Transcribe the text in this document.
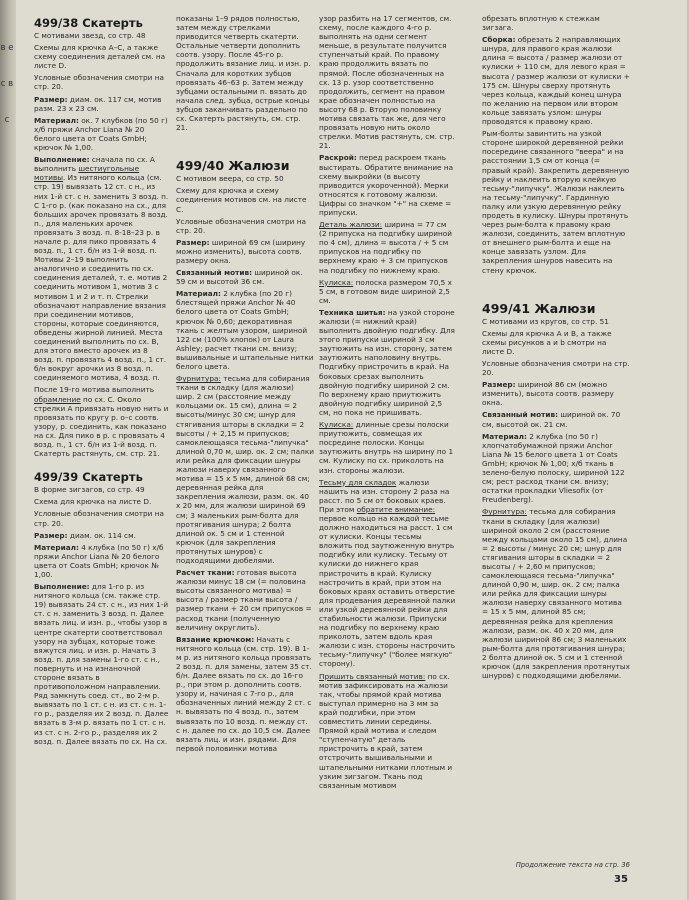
в е с в с
499/38 Скатерть

С мотивами звезд, со стр. 48

Схемы для крючка А–С, а также схему соединения деталей см. на листе D.

Условные обозначения смотри на стр. 20.

Размер: диам. ок. 117 см, мотив разм. 23 x 23 см.

Материал: ок. 7 клубков (по 50 г) x/б пряжи Anchor Liana № 20 белого цвета от Coats GmbH; крючок № 1,00.

Выполнение: сначала по сх. А выполнить шестиугольные мотивы. Из нитяного кольца (см. стр. 19) вывязать 12 ст. с н., из них 1-й ст. с н. заменить 3 возд. п. С 1-го р. (как показано на сх., для больших арочек провязать 8 возд. п., для маленьких арочек провязать 3 возд. п. 8-18–23 р. в начале р. для пико провязать 4 возд. п., 1 ст. б/н из 1-й возд. п. Мотивы 2–19 выполнить аналогично и соединить по сх. соединения деталей, т. е. мотив 2 соединить мотивом 1, мотив 3 с мотивом 1 и 2 и т. п. Стрелки обозначают направление вязания при соединении мотивов, стороны, которые соединяются, обведены жирной линией. Места соединений выполнить по сх. В, для этого вместо арочек из 8 возд. п. провязать 4 возд. п., 1 ст. б/н вокруг арочки из 8 возд. п. соединяемого мотива, 4 возд. п.

После 19-го мотива выполнить обрамление по сх. С. Около стрелки А привязать новую нить и провязать по кругу р. о–с соотв. узору, р. соединить, как показано на сх. Для пико в р. с провязать 4 возд. п., 1 ст. б/н из 1-й возд. п. Скатерть растянуть, см. стр. 21.

499/39 Скатерть

В форме зигзагов, со стр. 49

Схема для крючка на листе D.

Условные обозначения смотри на стр. 20.

Размер: диам. ок. 114 см.

Материал: 4 клубка (по 50 г) x/б пряжи Anchor Liana № 20 белого цвета от Coats GmbH; крючок № 1,00.

Выполнение: для 1-го р. из нитяного кольца (см. также стр. 19) вывязать 24 ст. с н., из них 1-й ст. с н. заменить 3 возд. п. Далее вязать лиц. и изн. р., чтобы узор в центре скатерти соответствовал узору на зубцах, которые тоже вяжутся лиц. и изн. р. Начать 3 возд. п. для замены 1-го ст. с н., повернуть и на изнаночной стороне вязать в противоположном направлении. Ряд замкнуть соед. ст., во 2-м р. вывязать по 1 ст. с н. из ст. с н. 1-го р., разделяя их 2 возд. п. Далее вязать в 3-м р. вязать по 1 ст. с н. из ст. с н. 2-го р., разделяя их 2 возд. п. Далее вязать по сх. На сх.

показаны 1–9 рядов полностью, затем между стрелками приводится четверть скатерти. Остальные четверти дополнить соотв. узору. После 45-го р. продолжить вязание лиц. и изн. р. Сначала для коротких зубцов провязать 46–63 р. Затем между зубцами остальными п. вязать до начала след. зубца, острые концы зубцов заканчивать раздельно по сх. Скатерть растянуть, см. стр. 21.

499/40 Жалюзи

С мотивом веера, со стр. 50

Схему для крючка и схему соединения мотивов см. на листе С.

Условные обозначения смотри на стр. 20.

Размер: шириной 69 см (ширину можно изменить), высота соотв. размеру окна.

Связанный мотив: шириной ок. 59 см и высотой 36 см.

Материал: 2 клубка (по 20 г) блестящей пряжи Anchor № 40 белого цвета от Coats GmbH; крючок № 0,60; декоративная ткань с желтым узором, шириной 122 см (100% хлопок) от Laura Ashley; расчет ткани см. внизу; вышивальные и штапельные нитки белого цвета.

Фурнитура: тесьма для собирания ткани в складку (для жалюзи) шир. 2 см (расстояние между кольцами ок. 15 см), длина = 2 высоты/минус 30 см; шнур для стягивания шторы в складки = 2 высоты / + 2,15 м припусков; самоклеющаяся тесьма-"липучка" длиной 0,70 м, шир. ок. 2 см; палки или рейка для фиксации шнуры жалюзи наверху связанного мотива = 15 x 5 мм, длиной 68 см; деревянная рейка для закрепления жалюзи, разм. ок. 40 x 20 мм, для жалюзи шириной 69 см; 3 маленьких рым-болта для протягивания шнура; 2 болта длиной ок. 5 см и 1 стенной крючок (для закрепления протянутых шнуров) с подходящими дюбелями.

Расчет ткани: готовая высота жалюзи минус 18 см (= половина высоты связанного мотива) = высота / размер ткани высота / размер ткани + 20 см припусков = расход ткани (полученную величину округлить).

Вязание крючком: Начать с нитяного кольца (см. стр. 19). В 1-м р. из нитяного кольца провязать 2 возд. п. для замены, затем 35 ст. б/н. Далее вязать по сх. до 16-го р., при этом р. дополнить соотв. узору и, начиная с 7-го р., для обозначенных линий между 2 ст. с н. вывязать по 4 возд. п., затем вывязать по 10 возд. п. между ст. с н. далее по сх. до 10,5 см. Далее вязать лиц. и изн. рядами. Для первой половинки мотива

узор разбить на 17 сегментов, см. схему, после каждого 4-го р. выполнять на одни сегмент меньше, в результате получится ступенчатый край. По правому краю продолжить вязать по прямой. После обозначенных на сх. 13 р. узор соответственно продолжить, сегмент на правом крае обозначен полностью на высоту 68 р. Вторую половинку мотива связать так же, для чего провязать новую нить около стрелки. Мотив растянуть, см. стр. 21.

Раскрой: перед раскроем ткань выстирать. Обратите внимание на схему выкройки (в высоту приводится укороченной). Мерки относятся к готовому жалюзи. Цифры со значком "+" на схеме = припуски.

Деталь жалюзи: ширина = 77 см (2 припуска на подгибку шириной по 4 см), длина = высота / + 5 см припусков на подгибку по верхнему краю + 3 см припусков на подгибку по нижнему краю.

Кулиска: полоска размером 70,5 x 5 см, в готовом виде шириной 2,5 см.

Техника шитья: на узкой стороне жалюзи (= нижний край) выполнить двойную подгибку. Для этого припуски шириной 3 см заутюжить на изн. сторону, затем заутюжить наполовину внутрь. Подгибку пристрочить в край. На боковых срезах выполнить двойную подгибку шириной 2 см. По верхнему краю приутюжить двойную подгибку шириной 2,5 см, но пока не пришивать.

Кулиска: длинные срезы полоски приутюжить, совмещая их посредине полоски. Концы заутюжить внутрь на ширину по 1 см. Кулиску по сх. приколоть на изн. стороны жалюзи.

Тесьму для складок жалюзи нашить на изн. сторону 2 раза на расст. по 5 см от боковых краев. При этом обратите внимание: первое кольцо на каждой тесьме должно находиться на расст. 1 см от кулиски. Концы тесьмы вложить под заутюженную внутрь подгибку или кулиску. Тесьму от кулиски до нижнего края пристрочить в край. Кулиску настрочить в край, при этом на боковых краях оставить отверстие для продевания деревянной палки или узкой деревянной рейки для стабильности жалюзи. Припуски на подгибку по верхнему краю приколоть, затем вдоль края жалюзи с изн. стороны настрочить тесьму-"липучку" ("более мягкую" сторону).

Пришить связанный мотив: по сх. мотив зафиксировать на жалюзи так, чтобы прямой край мотива выступал примерно на 3 мм за край подгибки, при этом совместить линии середины. Прямой край мотива и следом "ступенчатую" деталь пристрочить в край, затем отстрочить вышивальными и штапельными нитками плотным и узким зигзагом. Ткань под связанным мотивом

обрезать вплотную к стежкам зигзага.

Сборка: обрезать 2 направляющих шнура, для правого края жалюзи длина = высота / размер жалюзи от кулиски + 110 см, для левого края = высота / размер жалюзи от кулиски + 175 см. Шнуры сверху протянуть через кольца, каждый конец шнура по желанию на первом или втором кольце завязать узлом: шнуры проводятся к правому краю.

Рым-болты завинтить на узкой стороне широкой деревянной рейки посередине связанного "веера" и на расстоянии 1,5 см от конца (= правый край). Закрепить деревянную рейку и наклеить вторую клейкую тесьму-"липучку". Жалюзи наклеить на тесьму-"липучку". Гардинную палку или узкую деревянную рейку продеть в кулиску. Шнуры протянуть через рым-болта к правому краю жалюзи, соединить, затем вплотную от внешнего рым-болта и еще на конце завязать узлом. Для закрепления шнуров навесить на стену крючок.

499/41 Жалюзи

С мотивами из кругов, со стр. 51

Схемы для крючка А и В, а также схемы рисунков а и b смотри на листе D.

Условные обозначения смотри на стр. 20.

Размер: шириной 86 см (можно изменить), высота соотв. размеру окна.

Связанный мотив: шириной ок. 70 см, высотой ок. 21 см.

Материал: 2 клубка (по 50 г) хлопчатобумажной пряжи Anchor Liana № 15 белого цвета 1 от Coats GmbH; крючок № 1,00; x/б ткань в зелено-белую полоску, шириной 122 см; рест расход ткани см. внизу; остатки прокладки Vliesofix (от Freudenberg).

Фурнитура: тесьма для собирания ткани в складку (для жалюзи) шириной около 2 см (расстояние между кольцами около 15 см), длина = 2 высоты / минус 20 см; шнур для стягивания шторы в складки = 2 высоты / + 2,60 м припусков; самоклеющаяся тесьма-"липучка" длиной 0,90 м, шир. ок. 2 см; палка или рейка для фиксации шнуры жалюзи наверху связанного мотива = 15 x 5 мм, длиной 85 см; деревянная рейка для крепления жалюзи, разм. ок. 40 x 20 мм, для жалюзи шириной 86 см; 3 маленьких рым-болта для протягивания шнура; 2 болта длиной ок. 5 см и 1 стенной крючок (для закрепления протянутых шнуров) с подходящими дюбелями.

Продолжение текста на стр. 36
35
